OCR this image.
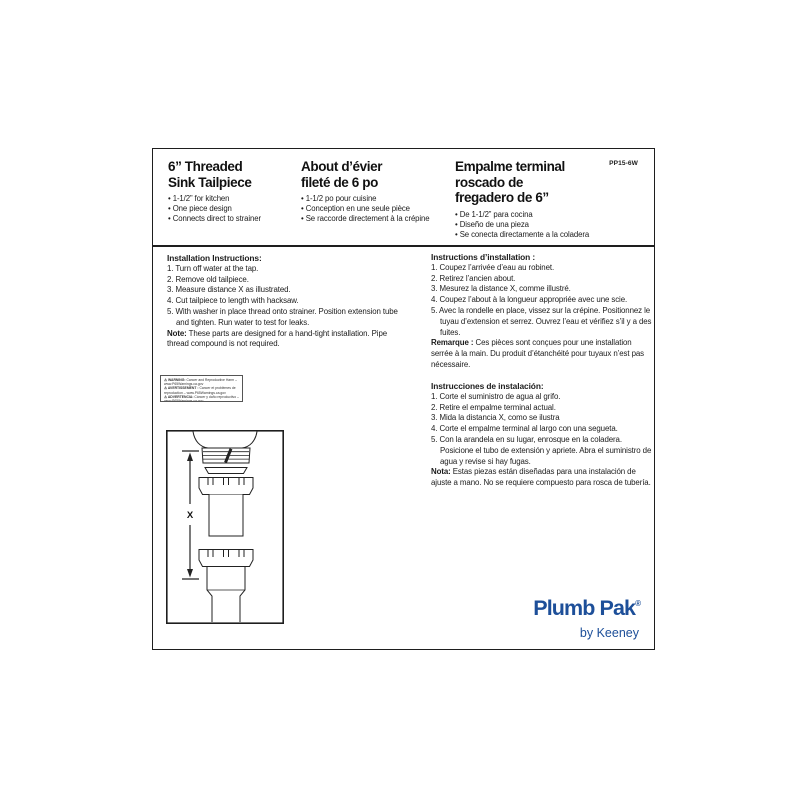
6” Threaded
Sink Tailpiece
• 1-1/2” for kitchen
• One piece design
• Connects direct to strainer
About d’évier
fileté de 6 po
• 1-1/2 po pour cuisine
• Conception en une seule pièce
• Se raccorde directement à la crépine
Empalme terminal
roscado de
fregadero de 6”
• De 1-1/2” para cocina
• Diseño de una pieza
• Se conecta directamente a la coladera
PP15-6W
Installation Instructions:
1. Turn off water at the tap.
2. Remove old tailpiece.
3. Measure distance X as illustrated.
4. Cut tailpiece to length with hacksaw.
5. With washer in place thread onto strainer. Position extension tube and tighten. Run water to test for leaks.
Note: These parts are designed for a hand-tight installation. Pipe thread compound is not required.
Instructions d’installation :
1. Coupez l’arrivée d’eau au robinet.
2. Retirez l’ancien about.
3. Mesurez la distance X, comme illustré.
4. Coupez l’about à la longueur appropriée avec une scie.
5. Avec la rondelle en place, vissez sur la crépine. Positionnez le tuyau d’extension et serrez. Ouvrez l’eau et vérifiez s’il y a des fuites.
Remarque : Ces pièces sont conçues pour une installation serrée à la main. Du produit d’étanchéité pour tuyaux n’est pas nécessaire.
Instrucciones de instalación:
1. Corte el suministro de agua al grifo.
2. Retire el empalme terminal actual.
3. Mida la distancia X, como se ilustra
4. Corte el empalme terminal al largo con una segueta.
5. Con la arandela en su lugar, enrosque en la coladera. Posicione el tubo de extensión y apriete. Abra el suministro de agua y revise si hay fugas.
Nota: Estas piezas están diseñadas para una instalación de ajuste a mano. No se requiere compuesto para rosca de tubería.
⚠ WARNING: Cancer and Reproductive Harm – www.P65Warnings.ca.gov
⚠ AVERTISSEMENT : Cancer et problèmes de reproduction – www.P65Warnings.ca.gov
⚠ ADVERTENCIA: Cáncer y daño reproductivo – www.P65Warnings.ca.gov
X
Plumb Pak®
by Keeney
